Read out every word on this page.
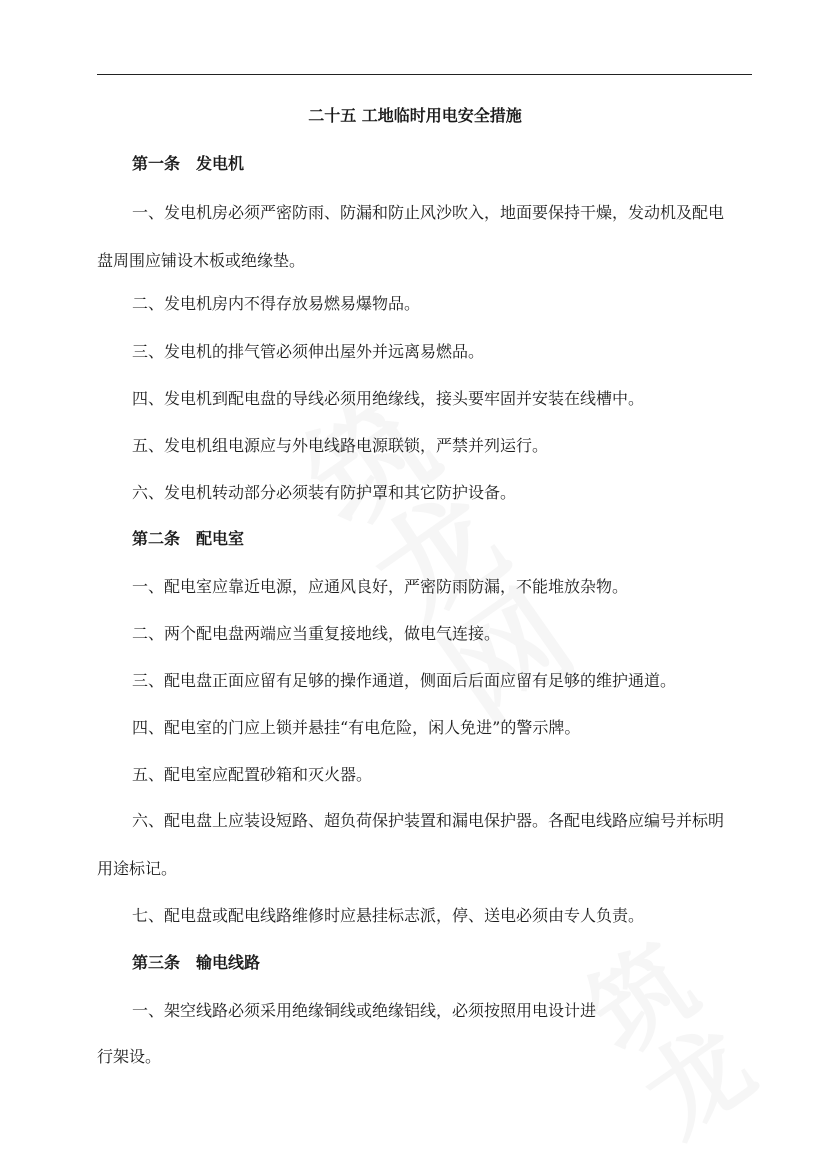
二十五 工地临时用电安全措施

第一条　发电机

一、发电机房必须严密防雨、防漏和防止风沙吹入，地面要保持干燥，发动机及配电

盘周围应铺设木板或绝缘垫。

二、发电机房内不得存放易燃易爆物品。

三、发电机的排气管必须伸出屋外并远离易燃品。

四、发电机到配电盘的导线必须用绝缘线，接头要牢固并安装在线槽中。

五、发电机组电源应与外电线路电源联锁，严禁并列运行。

六、发电机转动部分必须装有防护罩和其它防护设备。

第二条　配电室

一、配电室应靠近电源，应通风良好，严密防雨防漏，不能堆放杂物。

二、两个配电盘两端应当重复接地线，做电气连接。

三、配电盘正面应留有足够的操作通道，侧面后后面应留有足够的维护通道。

四、配电室的门应上锁并悬挂“有电危险，闲人免进”的警示牌。

五、配电室应配置砂箱和灭火器。

六、配电盘上应装设短路、超负荷保护装置和漏电保护器。各配电线路应编号并标明

用途标记。

七、配电盘或配电线路维修时应悬挂标志派，停、送电必须由专人负责。

第三条　输电线路

一、架空线路必须采用绝缘铜线或绝缘铝线，必须按照用电设计进

行架设。
